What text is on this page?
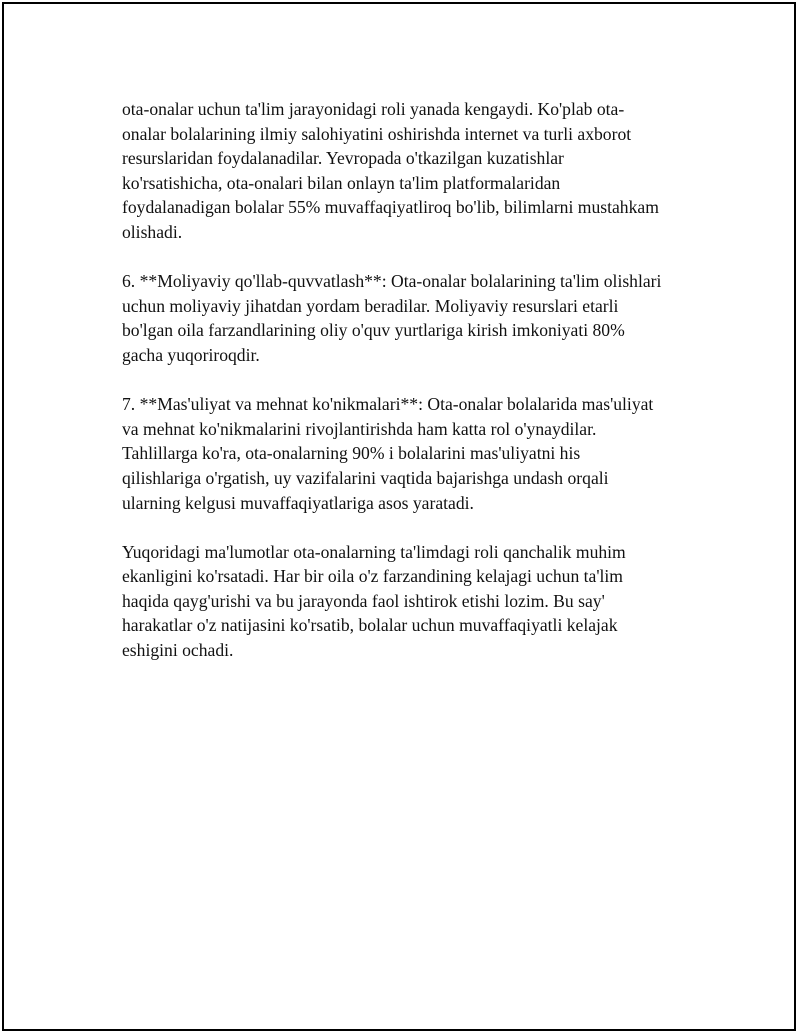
ota-onalar uchun ta'lim jarayonidagi roli yanada kengaydi. Ko'plab ota-
onalar bolalarining ilmiy salohiyatini oshirishda internet va turli axborot
resurslaridan foydalanadilar. Yevropada o'tkazilgan kuzatishlar
ko'rsatishicha, ota-onalari bilan onlayn ta'lim platformalaridan
foydalanadigan bolalar 55% muvaffaqiyatliroq bo'lib, bilimlarni mustahkam
olishadi.

6. **Moliyaviy qo'llab-quvvatlash**: Ota-onalar bolalarining ta'lim olishlari
uchun moliyaviy jihatdan yordam beradilar. Moliyaviy resurslari etarli
bo'lgan oila farzandlarining oliy o'quv yurtlariga kirish imkoniyati 80%
gacha yuqoriroqdir.

7. **Mas'uliyat va mehnat ko'nikmalari**: Ota-onalar bolalarida mas'uliyat
va mehnat ko'nikmalarini rivojlantirishda ham katta rol o'ynaydilar.
Tahlillarga ko'ra, ota-onalarning 90% i bolalarini mas'uliyatni his
qilishlariga o'rgatish, uy vazifalarini vaqtida bajarishga undash orqali
ularning kelgusi muvaffaqiyatlariga asos yaratadi.

Yuqoridagi ma'lumotlar ota-onalarning ta'limdagi roli qanchalik muhim
ekanligini ko'rsatadi. Har bir oila o'z farzandining kelajagi uchun ta'lim
haqida qayg'urishi va bu jarayonda faol ishtirok etishi lozim. Bu say'
harakatlar o'z natijasini ko'rsatib, bolalar uchun muvaffaqiyatli kelajak
eshigini ochadi.
